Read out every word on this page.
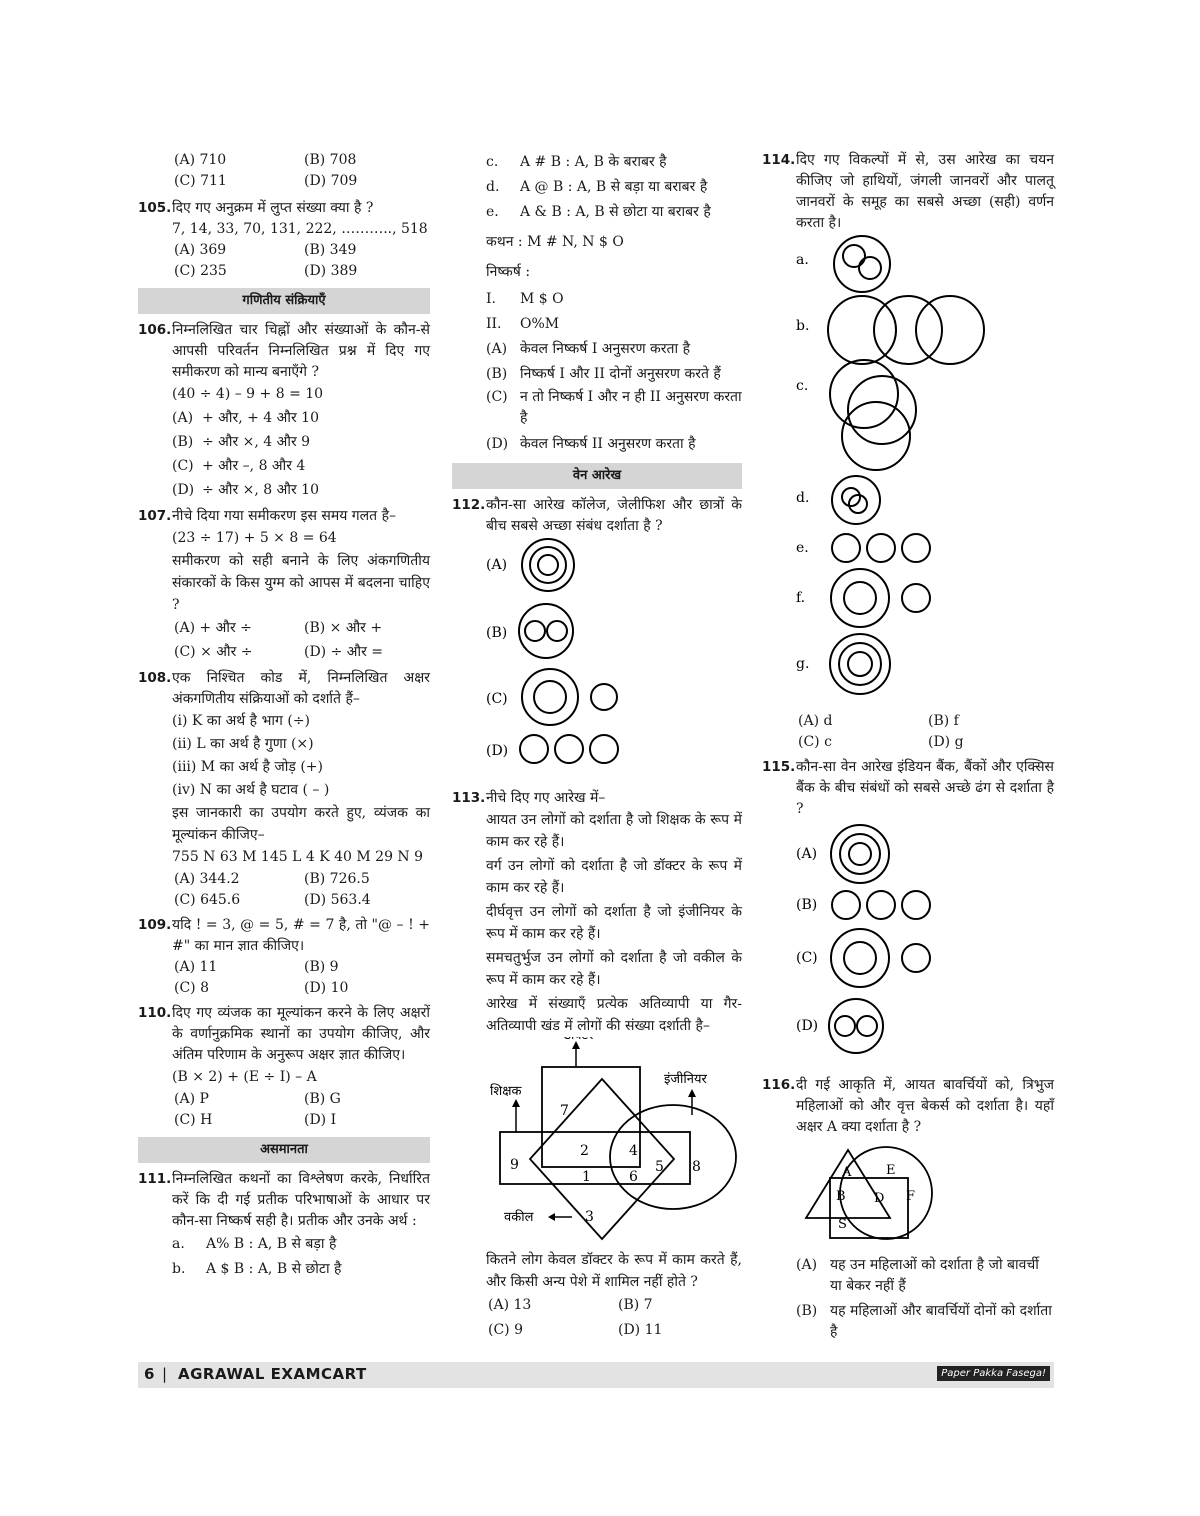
(A) 710	(B) 708
(C) 711	(D) 709
105. दिए गए अनुक्रम में लुप्त संख्या क्या है ?
7, 14, 33, 70, 131, 222, ……….., 518
(A) 369	(B) 349
(C) 235	(D) 389
गणितीय संक्रियाएँ
106. निम्नलिखित चार चिह्नों और संख्याओं के कौन-से आपसी परिवर्तन निम्नलिखित प्रश्न में दिए गए समीकरण को मान्य बनाएँगे ?
(40 ÷ 4) – 9 + 8 = 10
(A) + और, + 4 और 10
(B) ÷ और ×, 4 और 9
(C) + और –, 8 और 4
(D) ÷ और ×, 8 और 10
107. नीचे दिया गया समीकरण इस समय गलत है–
(23 ÷ 17) + 5 × 8 = 64
समीकरण को सही बनाने के लिए अंकगणितीय संकारकों के किस युग्म को आपस में बदलना चाहिए ?
(A) + और ÷	(B) × और +
(C) × और ÷	(D) ÷ और =
108. एक निश्चित कोड में, निम्नलिखित अक्षर अंकगणितीय संक्रियाओं को दर्शाते हैं–
(i) K का अर्थ है भाग (÷)
(ii) L का अर्थ है गुणा (×)
(iii) M का अर्थ है जोड़ (+)
(iv) N का अर्थ है घटाव ( – )
इस जानकारी का उपयोग करते हुए, व्यंजक का मूल्यांकन कीजिए–
755 N 63 M 145 L 4 K 40 M 29 N 9
(A) 344.2	(B) 726.5
(C) 645.6	(D) 563.4
109. यदि ! = 3, @ = 5, # = 7 है, तो "@ – ! + #" का मान ज्ञात कीजिए।
(A) 11	(B) 9
(C) 8	(D) 10
110. दिए गए व्यंजक का मूल्यांकन करने के लिए अक्षरों के वर्णानुक्रमिक स्थानों का उपयोग कीजिए, और अंतिम परिणाम के अनुरूप अक्षर ज्ञात कीजिए।
(B × 2) + (E ÷ I) – A
(A) P	(B) G
(C) H	(D) I
असमानता
111. निम्नलिखित कथनों का विश्लेषण करके, निर्धारित करें कि दी गई प्रतीक परिभाषाओं के आधार पर कौन-सा निष्कर्ष सही है। प्रतीक और उनके अर्थ :
a.	A% B : A, B से बड़ा है
b.	A $ B : A, B से छोटा है
c.	A # B : A, B के बराबर है
d.	A @ B : A, B से बड़ा या बराबर है
e.	A & B : A, B से छोटा या बराबर है
कथन : M # N, N $ O
निष्कर्ष :
I.	M $ O
II.	O%M
(A) केवल निष्कर्ष I अनुसरण करता है
(B) निष्कर्ष I और II दोनों अनुसरण करते हैं
(C) न तो निष्कर्ष I और न ही II अनुसरण करता है
(D) केवल निष्कर्ष II अनुसरण करता है
वेन आरेख
112. कौन-सा आरेख कॉलेज, जेलीफिश और छात्रों के बीच सबसे अच्छा संबंध दर्शाता है ?
(A)
(B)
(C)
(D)
113. नीचे दिए गए आरेख में–
आयत उन लोगों को दर्शाता है जो शिक्षक के रूप में काम कर रहे हैं।
वर्ग उन लोगों को दर्शाता है जो डॉक्टर के रूप में काम कर रहे हैं।
दीर्घवृत्त उन लोगों को दर्शाता है जो इंजीनियर के रूप में काम कर रहे हैं।
समचतुर्भुज उन लोगों को दर्शाता है जो वकील के रूप में काम कर रहे हैं।
आरेख में संख्याएँ प्रत्येक अतिव्यापी या गैर-अतिव्यापी खंड में लोगों की संख्या दर्शाती है–
इंजीनियर
शिक्षक
वकील
7
2	4
9
1	6
5 8
3
कितने लोग केवल डॉक्टर के रूप में काम करते हैं, और किसी अन्य पेशे में शामिल नहीं होते ?
(A) 13	(B) 7
(C) 9	(D) 11
114. दिए गए विकल्पों में से, उस आरेख का चयन कीजिए जो हाथियों, जंगली जानवरों और पालतू जानवरों के समूह का सबसे अच्छा (सही) वर्णन करता है।
a.
b.
c.
d.
e.
f.
g.
(A) d	(B) f
(C) c	(D) g
115. कौन-सा वेन आरेख इंडियन बैंक, बैंकों और एक्सिस बैंक के बीच संबंधों को सबसे अच्छे ढंग से दर्शाता है ?
(A)
(B)
(C)
(D)
116. दी गई आकृति में, आयत बावर्चियों को, त्रिभुज महिलाओं को और वृत्त बेकर्स को दर्शाता है। यहाँ अक्षर A क्या दर्शाता है ?
A	E
B D F
S
(A) यह उन महिलाओं को दर्शाता है जो बावर्ची या बेकर नहीं हैं
(B) यह महिलाओं और बावर्चियों दोनों को दर्शाता है
6 | AGRAWAL EXAMCART	Paper Pakka Fasega!
